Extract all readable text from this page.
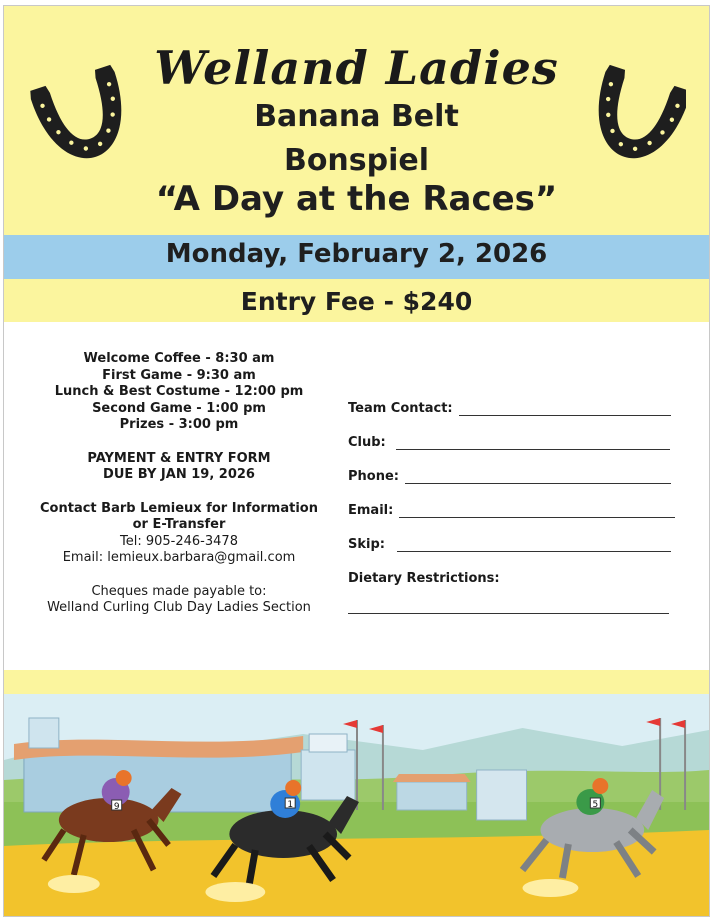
Welland Ladies
Banana Belt
Bonspiel
“A Day at the Races”
Monday, February 2, 2026
Entry Fee - $240
Welcome Coffee - 8:30 am
First Game - 9:30 am
Lunch & Best Costume - 12:00 pm
Second Game - 1:00 pm
Prizes - 3:00 pm
PAYMENT & ENTRY FORM
DUE BY JAN 19, 2026
Contact Barb Lemieux for Information
or E-Transfer
Tel: 905-246-3478
Email: lemieux.barbara@gmail.com
Cheques made payable to:
Welland Curling Club Day Ladies Section
Team Contact:
Club:
Phone:
Email:
Skip:
Dietary Restrictions:
9	1	5
